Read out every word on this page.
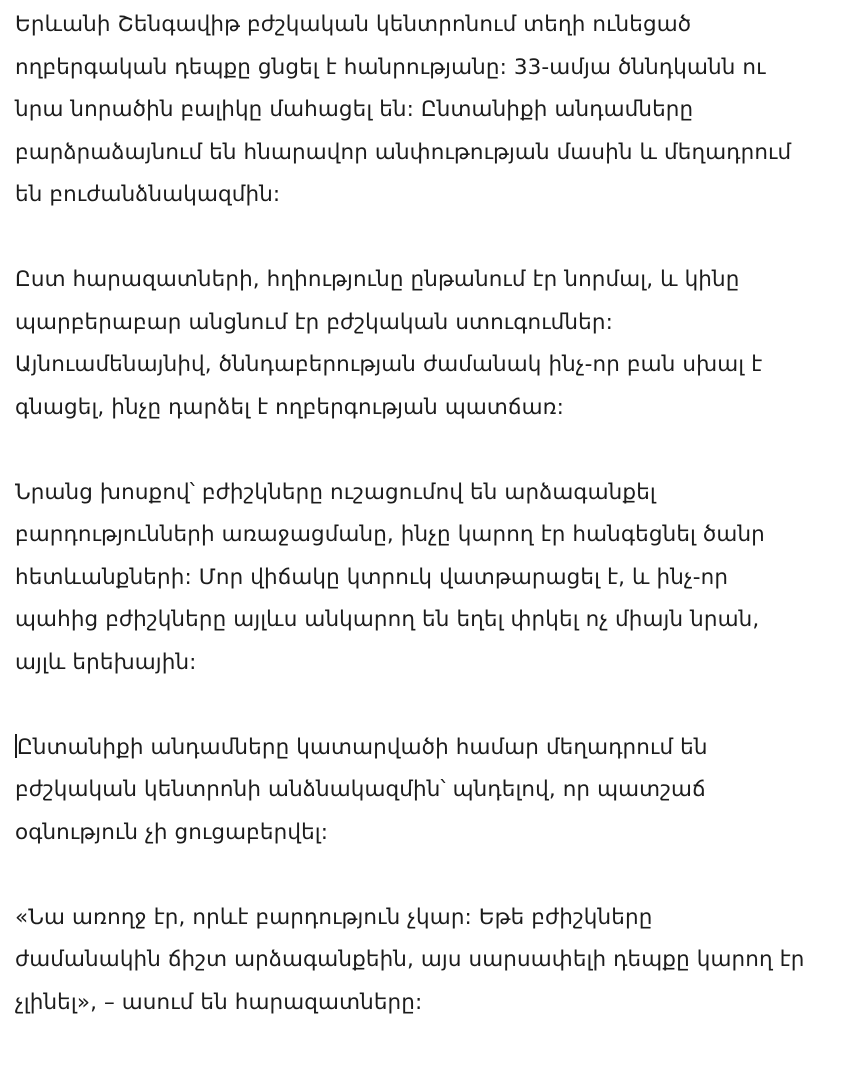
Երևանի Շենգավիթ բժշկական կենտրոնում տեղի ունեցած
ողբերգական դեպքը ցնցել է հանրությանը: 33-ամյա ծննդկանն ու
նրա նորածին բալիկը մահացել են: Ընտանիքի անդամները
բարձրաձայնում են հնարավոր անփութության մասին և մեղադրում
են բուժանձնակազմին:
Ըստ հարազատների, հղիությունը ընթանում էր նորմալ, և կինը
պարբերաբար անցնում էր բժշկական ստուգումներ:
Այնուամենայնիվ, ծննդաբերության ժամանակ ինչ-որ բան սխալ է
գնացել, ինչը դարձել է ողբերգության պատճառ:
Նրանց խոսքով՝ բժիշկները ուշացումով են արձագանքել
բարդությունների առաջացմանը, ինչը կարող էր հանգեցնել ծանր
հետևանքների: Մոր վիճակը կտրուկ վատթարացել է, և ինչ-որ
պահից բժիշկները այլևս անկարող են եղել փրկել ոչ միայն նրան,
այլև երեխային:
Ընտանիքի անդամները կատարվածի համար մեղադրում են
բժշկական կենտրոնի անձնակազմին՝ պնդելով, որ պատշաճ
օգնություն չի ցուցաբերվել:
«Նա առողջ էր, որևէ բարդություն չկար: Եթե բժիշկները
ժամանակին ճիշտ արձագանքեին, այս սարսափելի դեպքը կարող էր
չլինել», – ասում են հարազատները:
